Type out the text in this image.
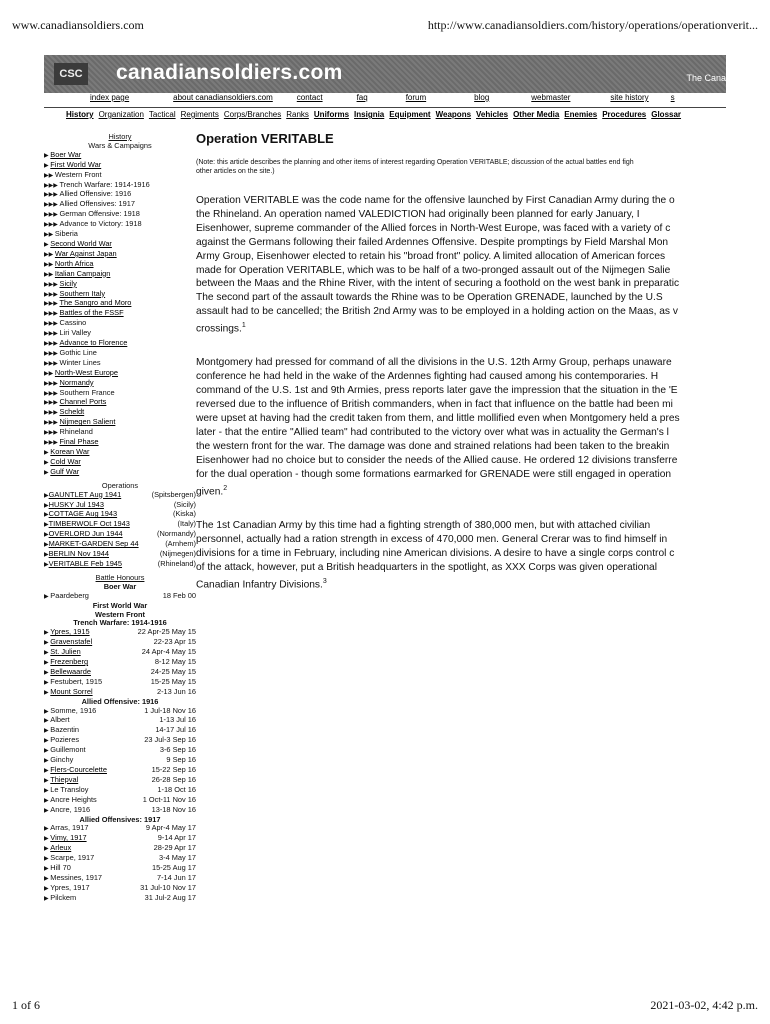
www.canadiansoldiers.com	http://www.canadiansoldiers.com/history/operations/operationverit...
CSC canadiansoldiers.com	The Cana
index page	about canadiansoldiers.com	contact	faq	forum	blog	webmaster	site history	s
History Organization Tactical Regiments Corps/Branches Ranks Uniforms Insignia Equipment Weapons Vehicles Other Media Enemies Procedures Glossar
History
Wars & Campaigns
▶ Boer War
▶ First World War
▶▶ Western Front
▶▶▶ Trench Warfare: 1914-1916
▶▶▶ Allied Offensive: 1916
▶▶▶ Allied Offensives: 1917
▶▶▶ German Offensive: 1918
▶▶▶ Advance to Victory: 1918
▶▶ Siberia
▶ Second World War
▶▶ War Against Japan
▶▶ North Africa
▶▶ Italian Campaign
▶▶▶ Sicily
▶▶▶ Southern Italy
▶▶▶ The Sangro and Moro
▶▶▶ Battles of the FSSF
▶▶▶ Cassino
▶▶▶ Liri Valley
▶▶▶ Advance to Florence
▶▶▶ Gothic Line
▶▶▶ Winter Lines
▶▶ North-West Europe
▶▶▶ Normandy
▶▶▶ Southern France
▶▶▶ Channel Ports
▶▶▶ Scheldt
▶▶▶ Nijmegen Salient
▶▶▶ Rhineland
▶▶▶ Final Phase
▶ Korean War
▶ Cold War
▶ Gulf War
Operations
▶GAUNTLET Aug 1941	(Spitsbergen)
▶HUSKY Jul 1943	(Sicily)
▶COTTAGE Aug 1943	(Kiska)
▶TIMBERWOLF Oct 1943	(Italy)
▶OVERLORD Jun 1944	(Normandy)
▶MARKET-GARDEN Sep 44	(Arnhem)
▶BERLIN Nov 1944	(Nijmegen)
▶VERITABLE Feb 1945	(Rhineland)
Battle Honours
Boer War
▶ Paardeberg	18 Feb 00
First World War
Western Front
Trench Warfare: 1914-1916
▶ Ypres, 1915	22 Apr-25 May 15
▶ Gravenstafel	22-23 Apr 15
▶ St. Julien	24 Apr-4 May 15
▶ Frezenberg	8-12 May 15
▶ Bellewaarde	24-25 May 15
▶ Festubert, 1915	15-25 May 15
▶ Mount Sorrel	2-13 Jun 16
Allied Offensive: 1916
▶ Somme, 1916	1 Jul-18 Nov 16
▶ Albert	1-13 Jul 16
▶ Bazentin	14-17 Jul 16
▶ Pozieres	23 Jul-3 Sep 16
▶ Guillemont	3-6 Sep 16
▶ Ginchy	9 Sep 16
▶ Flers-Courcelette	15-22 Sep 16
▶ Thiepval	26-28 Sep 16
▶ Le Transloy	1-18 Oct 16
▶ Ancre Heights	1 Oct-11 Nov 16
▶ Ancre, 1916	13-18 Nov 16
Allied Offensives: 1917
▶ Arras, 1917	9 Apr-4 May 17
▶ Vimy, 1917	9-14 Apr 17
▶ Arleux	28-29 Apr 17
▶ Scarpe, 1917	3-4 May 17
▶ Hill 70	15-25 Aug 17
▶ Messines, 1917	7-14 Jun 17
▶ Ypres, 1917	31 Jul-10 Nov 17
▶ Pilckem	31 Jul-2 Aug 17
Operation VERITABLE
(Note: this article describes the planning and other items of interest regarding Operation VERITABLE; discussion of the actual battles end figh
other articles on the site.)

Operation VERITABLE was the code name for the offensive launched by First Canadian Army during the o
the Rhineland. An operation named VALEDICTION had originally been planned for early January, I
Eisenhower, supreme commander of the Allied forces in North-West Europe, was faced with a variety of c
against the Germans following their failed Ardennes Offensive. Despite promptings by Field Marshal Mon
Army Group, Eisenhower elected to retain his "broad front" policy. A limited allocation of American forces
made for Operation VERITABLE, which was to be half of a two-pronged assault out of the Nijmegen Salie
between the Maas and the Rhine River, with the intent of securing a foothold on the west bank in preparatic
The second part of the assault towards the Rhine was to be Operation GRENADE, launched by the U.S
assault had to be cancelled; the British 2nd Army was to be employed in a holding action on the Maas, as v
crossings.$^1$

Montgomery had pressed for command of all the divisions in the U.S. 12th Army Group, perhaps unaware
conference he had held in the wake of the Ardennes fighting had caused among his contemporaries. H
command of the U.S. 1st and 9th Armies, press reports later gave the impression that the situation in the 'E
reversed due to the influence of British commanders, when in fact that influence on the battle had been mi
were upset at having had the credit taken from them, and little mollified even when Montgomery held a pres
later - that the entire "Allied team" had contributed to the victory over what was in actuality the German's l
the western front for the war. The damage was done and strained relations had been taken to the breakin
Eisenhower had no choice but to consider the needs of the Allied cause. He ordered 12 divisions transferre
for the dual operation - though some formations earmarked for GRENADE were still engaged in operation
given.$^2$

The 1st Canadian Army by this time had a fighting strength of 380,000 men, but with attached civilian
personnel, actually had a ration strength in excess of 470,000 men. General Crerar was to find himself in
divisions for a time in February, including nine American divisions. A desire to have a single corps control c
of the attack, however, put a British headquarters in the spotlight, as XXX Corps was given operational
Canadian Infantry Divisions.$^3$

1 of 6	2021-03-02, 4:42 p.m.
